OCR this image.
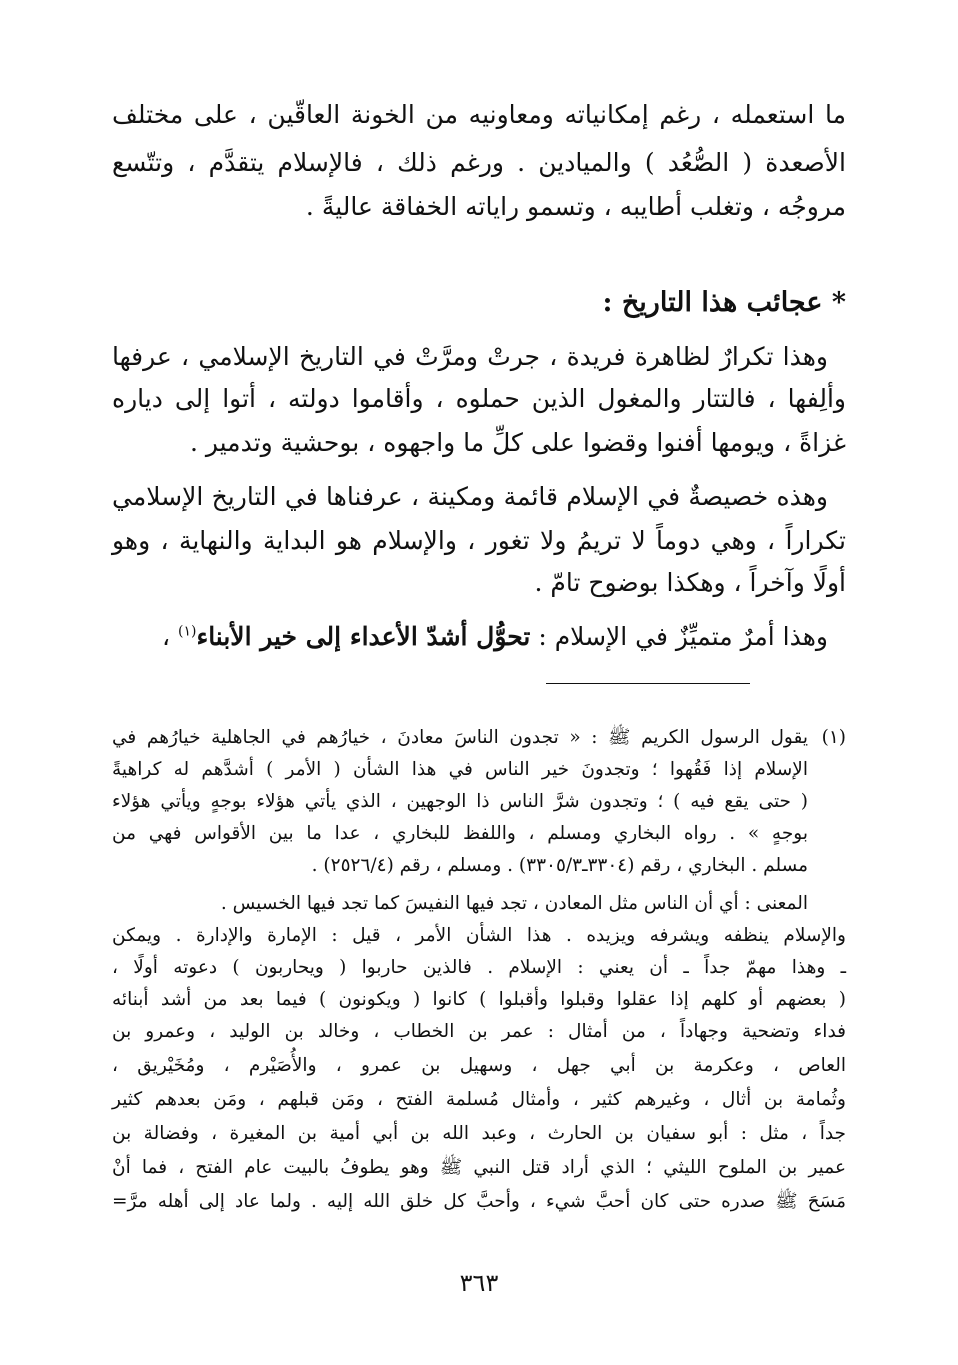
ما استعمله ، رغم إمكانياته ومعاونيه من الخونة العاقّين ، على مختلف
الأصعدة ( الصُّعُد ) والميادين . ورغم ذلك ، فالإسلام يتقدَّم ، وتتّسع
مروجُه ، وتغلب أطايبه ، وتسمو راياته الخفاقة عاليةً .
* عجائب هذا التاريخ :
وهذا تكرارٌ لظاهرة فريدة ، جرتْ ومرَّتْ في التاريخ الإسلامي ، عرفها
وألِفها ، فالتتار والمغول الذين حملوه ، وأقاموا دولته ، أتوا إلى دياره
غزاةً ، ويومها أفنوا وقضوا على كلِّ ما واجهوه ، بوحشية وتدمير .
وهذه خصيصةٌ في الإسلام قائمة ومكينة ، عرفناها في التاريخ الإسلامي
تكراراً ، وهي دوماً لا تريمُ ولا تغور ، والإسلام هو البداية والنهاية ، وهو
أولًا وآخراً ، وهكذا بوضوح تامّ .
وهذا أمرٌ متميِّزٌ في الإسلام : تحوُّل أشدّ الأعداء إلى خير الأبناء$^{(١)}$ ،
(١)
يقول الرسول الكريم ﷺ : « تجدون الناسَ معادنَ ، خيارُهم في الجاهلية خيارُهم في
الإسلام إذا فَقُهوا ؛ وتجدونَ خير الناس في هذا الشأن ( الأمر ) أشدَّهم له كراهيةً
( حتى يقع فيه ) ؛ وتجدون شرَّ الناس ذا الوجهين ، الذي يأتي هؤلاء بوجهٍ ويأتي هؤلاء
بوجهٍ » . رواه البخاري ومسلم ، واللفظ للبخاري ، عدا ما بين الأقواس فهي من
مسلم . البخاري ، رقم (٣٣٠٤ـ٣٣٠٥/٣) . ومسلم ، رقم (٢٥٢٦/٤) .
المعنى : أي أن الناس مثل المعادن ، تجد فيها النفيسَ كما تجد فيها الخسيس .
والإسلام ينظفه ويشرفه ويزيده . هذا الشأن الأمر ، قيل : الإمارة والإدارة . ويمكن
ـ وهذا مهمّ جداً ـ أن يعني : الإسلام . فالذين حاربوا ( ويحاربون ) دعوته أولًا ،
( بعضهم أو كلهم إذا عقلوا وقبلوا وأقبلوا ) كانوا ( ويكونون ) فيما بعد من أشد أبنائه
فداء وتضحية وجهاداً ، من أمثال : عمر بن الخطاب ، وخالد بن الوليد ، وعمرو بن
العاص ، وعكرمة بن أبي جهل ، وسهيل بن عمرو ، والأُصَيْرم ، ومُخَيْريق ،
وثُمامة بن أثال ، وغيرهم كثير ، وأمثال مُسلمة الفتح ، ومَن قبلهم ، ومَن بعدهم كثير
جداً ، مثل : أبو سفيان بن الحارث ، وعبد الله بن أبي أمية بن المغيرة ، وفضالة بن
عمير بن الملوح الليثي ؛ الذي أراد قتل النبي ﷺ وهو يطوفُ بالبيت عام الفتح ، فما أنْ
مَسَحَ ﷺ صدره حتى كان أحبَّ شيء ، وأحبَّ كل خلق الله إليه . ولما عاد إلى أهله مرَّ=
٣٦٣
